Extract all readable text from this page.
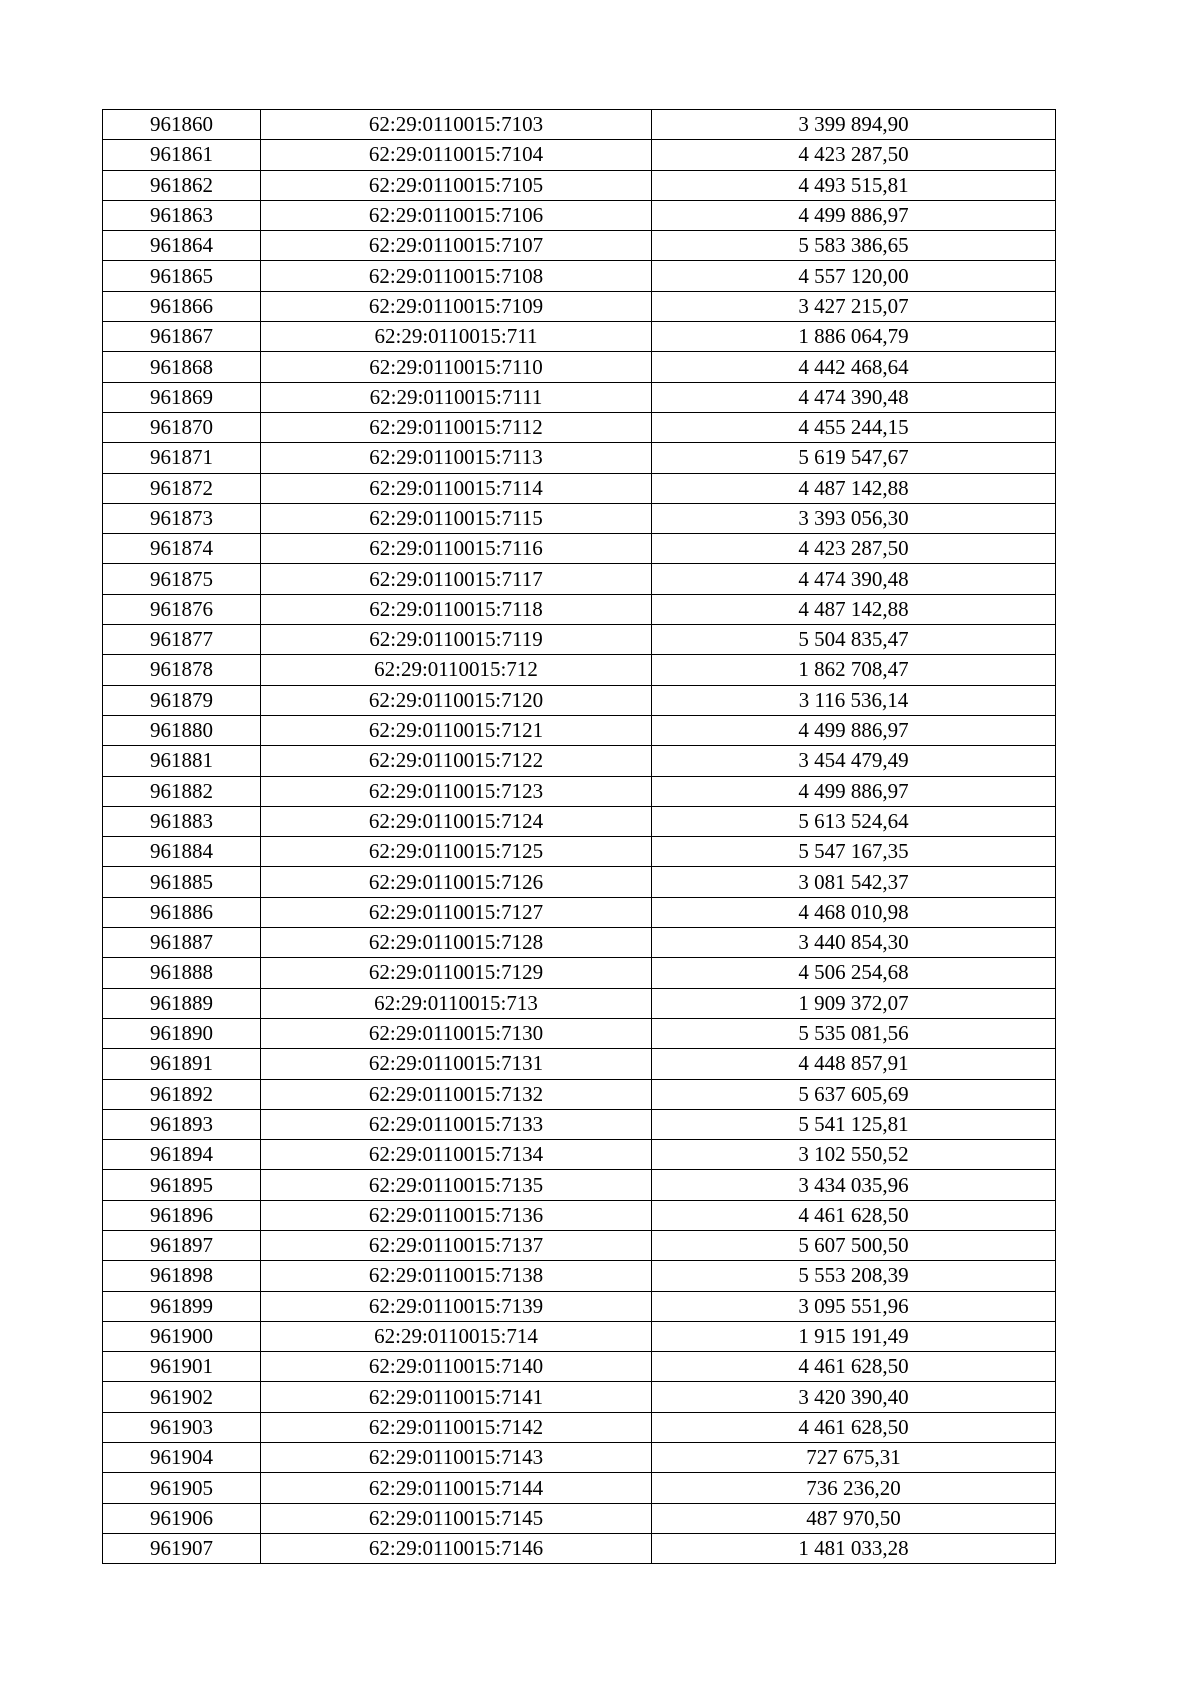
961860	62:29:0110015:7103	3 399 894,90
961861	62:29:0110015:7104	4 423 287,50
961862	62:29:0110015:7105	4 493 515,81
961863	62:29:0110015:7106	4 499 886,97
961864	62:29:0110015:7107	5 583 386,65
961865	62:29:0110015:7108	4 557 120,00
961866	62:29:0110015:7109	3 427 215,07
961867	62:29:0110015:711	1 886 064,79
961868	62:29:0110015:7110	4 442 468,64
961869	62:29:0110015:7111	4 474 390,48
961870	62:29:0110015:7112	4 455 244,15
961871	62:29:0110015:7113	5 619 547,67
961872	62:29:0110015:7114	4 487 142,88
961873	62:29:0110015:7115	3 393 056,30
961874	62:29:0110015:7116	4 423 287,50
961875	62:29:0110015:7117	4 474 390,48
961876	62:29:0110015:7118	4 487 142,88
961877	62:29:0110015:7119	5 504 835,47
961878	62:29:0110015:712	1 862 708,47
961879	62:29:0110015:7120	3 116 536,14
961880	62:29:0110015:7121	4 499 886,97
961881	62:29:0110015:7122	3 454 479,49
961882	62:29:0110015:7123	4 499 886,97
961883	62:29:0110015:7124	5 613 524,64
961884	62:29:0110015:7125	5 547 167,35
961885	62:29:0110015:7126	3 081 542,37
961886	62:29:0110015:7127	4 468 010,98
961887	62:29:0110015:7128	3 440 854,30
961888	62:29:0110015:7129	4 506 254,68
961889	62:29:0110015:713	1 909 372,07
961890	62:29:0110015:7130	5 535 081,56
961891	62:29:0110015:7131	4 448 857,91
961892	62:29:0110015:7132	5 637 605,69
961893	62:29:0110015:7133	5 541 125,81
961894	62:29:0110015:7134	3 102 550,52
961895	62:29:0110015:7135	3 434 035,96
961896	62:29:0110015:7136	4 461 628,50
961897	62:29:0110015:7137	5 607 500,50
961898	62:29:0110015:7138	5 553 208,39
961899	62:29:0110015:7139	3 095 551,96
961900	62:29:0110015:714	1 915 191,49
961901	62:29:0110015:7140	4 461 628,50
961902	62:29:0110015:7141	3 420 390,40
961903	62:29:0110015:7142	4 461 628,50
961904	62:29:0110015:7143	727 675,31
961905	62:29:0110015:7144	736 236,20
961906	62:29:0110015:7145	487 970,50
961907	62:29:0110015:7146	1 481 033,28
